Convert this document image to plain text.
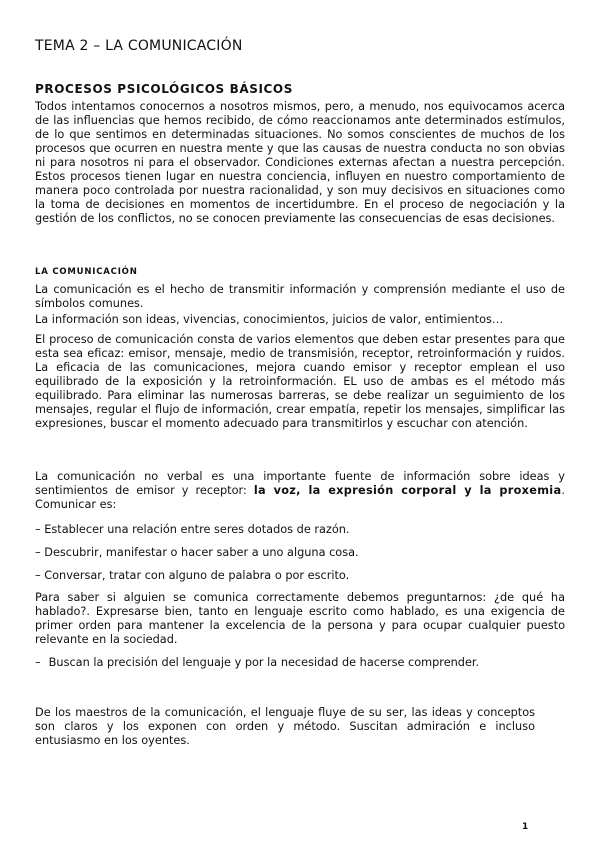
TEMA 2 – LA COMUNICACIÓN
PROCESOS PSICOLÓGICOS BÁSICOS

Todos intentamos conocernos a nosotros mismos, pero, a menudo, nos equivocamos acerca de las influencias que hemos recibido, de cómo reaccionamos ante determinados estímulos, de lo que sentimos en determinadas situaciones. No somos conscientes de muchos de los procesos que ocurren en nuestra mente y que las causas de nuestra conducta no son obvias ni para nosotros ni para el observador. Condiciones externas afectan a nuestra percepción. Estos procesos tienen lugar en nuestra conciencia, influyen en nuestro comportamiento de manera poco controlada por nuestra racionalidad, y son muy decisivos en situaciones como la toma de decisiones en momentos de incertidumbre. En el proceso de negociación y la gestión de los conflictos, no se conocen previamente las consecuencias de esas decisiones.

LA COMUNICACIÓN

La comunicación es el hecho de transmitir información y comprensión mediante el uso de símbolos comunes.

La información son ideas, vivencias, conocimientos, juicios de valor, entimientos…

El proceso de comunicación consta de varios elementos que deben estar presentes para que esta sea eficaz: emisor, mensaje, medio de transmisión, receptor, retroinformación y ruidos. La eficacia de las comunicaciones, mejora cuando emisor y receptor emplean el uso equilibrado de la exposición y la retroinformación. EL uso de ambas es el método más equilibrado. Para eliminar las numerosas barreras, se debe realizar un seguimiento de los mensajes, regular el flujo de información, crear empatía, repetir los mensajes, simplificar las expresiones, buscar el momento adecuado para transmitirlos y escuchar con atención.

La comunicación no verbal es una importante fuente de información sobre ideas y sentimientos de emisor y receptor: la voz, la expresión corporal y la proxemia. Comunicar es:

– Establecer una relación entre seres dotados de razón.
– Descubrir, manifestar o hacer saber a uno alguna cosa.
– Conversar, tratar con alguno de palabra o por escrito.

Para saber si alguien se comunica correctamente debemos preguntarnos: ¿de qué ha hablado?. Expresarse bien, tanto en lenguaje escrito como hablado, es una exigencia de primer orden para mantener la excelencia de la persona y para ocupar cualquier puesto relevante en la sociedad.

– Buscan la precisión del lenguaje y por la necesidad de hacerse comprender.

De los maestros de la comunicación, el lenguaje fluye de su ser, las ideas y conceptos son claros y los exponen con orden y método. Suscitan admiración e incluso entusiasmo en los oyentes.

1
